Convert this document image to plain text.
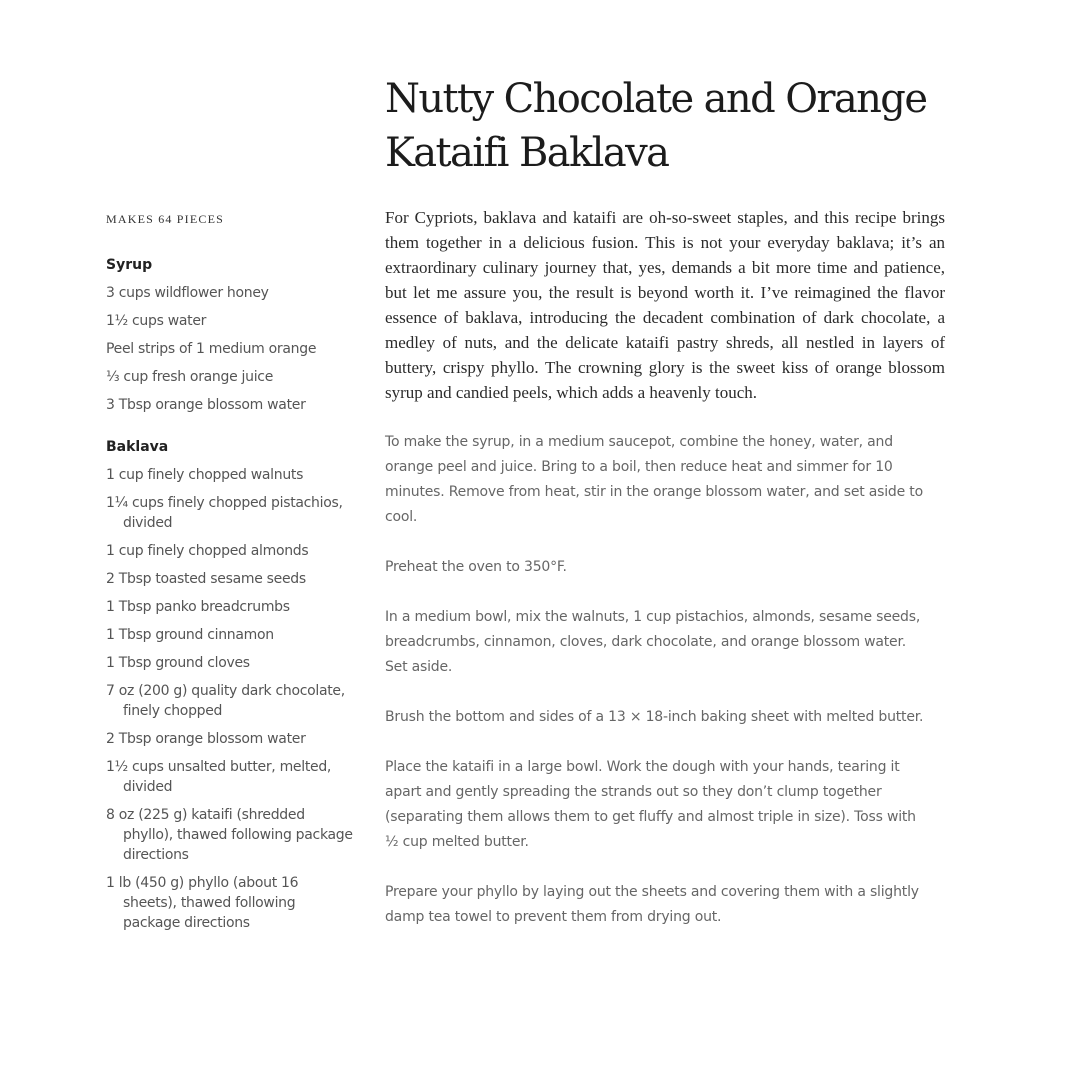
Nutty Chocolate and Orange
Kataifi Baklava
MAKES 64 PIECES
Syrup
3 cups wildflower honey
1½ cups water
Peel strips of 1 medium orange
⅓ cup fresh orange juice
3 Tbsp orange blossom water
Baklava
1 cup finely chopped walnuts
1¼ cups finely chopped pistachios, divided
1 cup finely chopped almonds
2 Tbsp toasted sesame seeds
1 Tbsp panko breadcrumbs
1 Tbsp ground cinnamon
1 Tbsp ground cloves
7 oz (200 g) quality dark chocolate, finely chopped
2 Tbsp orange blossom water
1½ cups unsalted butter, melted, divided
8 oz (225 g) kataifi (shredded phyllo), thawed following package directions
1 lb (450 g) phyllo (about 16 sheets), thawed following package directions

For Cypriots, baklava and kataifi are oh-so-sweet staples, and this recipe brings them together in a delicious fusion. This is not your everyday baklava; it’s an extraordinary culinary journey that, yes, demands a bit more time and patience, but let me assure you, the result is beyond worth it. I’ve reimagined the flavor essence of baklava, introducing the decadent combination of dark chocolate, a medley of nuts, and the delicate kataifi pastry shreds, all nestled in layers of buttery, crispy phyllo. The crowning glory is the sweet kiss of orange blossom syrup and candied peels, which adds a heavenly touch.

To make the syrup, in a medium saucepot, combine the honey, water, and orange peel and juice. Bring to a boil, then reduce heat and simmer for 10 minutes. Remove from heat, stir in the orange blossom water, and set aside to cool.

Preheat the oven to 350°F.

In a medium bowl, mix the walnuts, 1 cup pistachios, almonds, sesame seeds, breadcrumbs, cinnamon, cloves, dark chocolate, and orange blossom water. Set aside.

Brush the bottom and sides of a 13 × 18-inch baking sheet with melted butter.

Place the kataifi in a large bowl. Work the dough with your hands, tearing it apart and gently spreading the strands out so they don’t clump together (separating them allows them to get fluffy and almost triple in size). Toss with ½ cup melted butter.

Prepare your phyllo by laying out the sheets and covering them with a slightly damp tea towel to prevent them from drying out.
